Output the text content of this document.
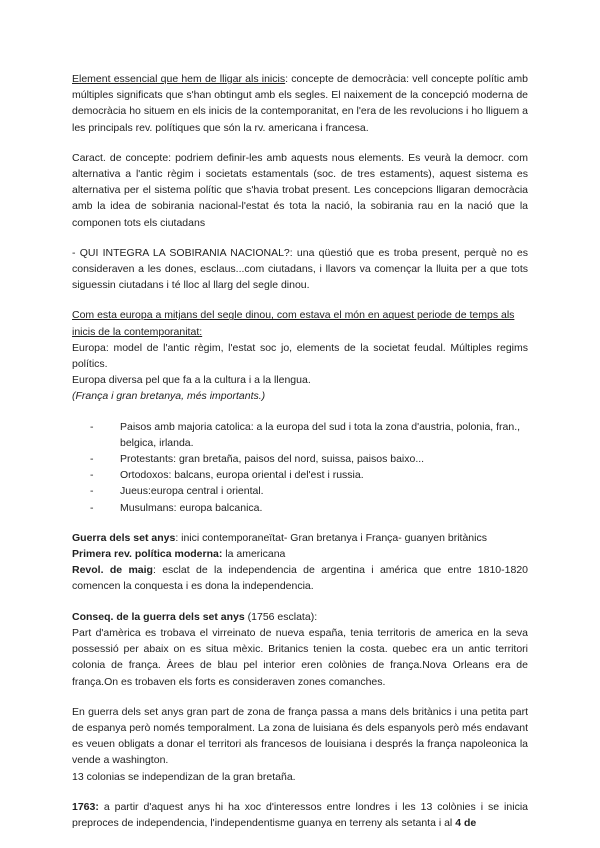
Element essencial que hem de lligar als inicis: concepte de democràcia: vell concepte polític amb múltiples significats que s'han obtingut amb els segles. El naixement de la concepció moderna de democràcia ho situem en els inicis de la contemporanitat, en l'era de les revolucions i ho lliguem a les principals rev. polítiques que són la rv. americana i francesa.

Caract. de concepte: podriem definir-les amb aquests nous elements. Es veurà la democr. com alternativa a l'antic règim i societats estamentals (soc. de tres estaments), aquest sistema es alternativa per el sistema polític que s'havia trobat present. Les concepcions lligaran democràcia amb la idea de sobirania nacional-l'estat és tota la nació, la sobirania rau en la nació que la componen tots els ciutadans

- QUI INTEGRA LA SOBIRANIA NACIONAL?: una qüestió que es troba present, perquè no es consideraven a les dones, esclaus...com ciutadans, i llavors va començar la lluita per a que tots siguessin ciutadans i té lloc al llarg del segle dinou.

Com esta europa a mitjans del segle dinou, com estava el món en aquest periode de temps als inicis de la contemporanitat:

Europa: model de l'antic règim, l'estat soc jo, elements de la societat feudal. Múltiples regims polítics.

Europa diversa pel que fa a la cultura i a la llengua.

(França i gran bretanya, més importants.)

- Paisos amb majoria catolica: a la europa del sud i tota la zona d'austria, polonia, fran., belgica, irlanda.
- Protestants: gran bretaña, paisos del nord, suissa, paisos baixo...
- Ortodoxos: balcans, europa oriental i del'est i russia.
- Jueus:europa central i oriental.
- Musulmans: europa balcanica.

Guerra dels set anys: inici contemporaneïtat- Gran bretanya i França- guanyen britànics

Primera rev. política moderna: la americana

Revol. de maig: esclat de la independencia de argentina i américa que entre 1810-1820 comencen la conquesta i es dona la independencia.

Conseq. de la guerra dels set anys (1756 esclata):

Part d'amèrica es trobava el virreinato de nueva españa, tenia territoris de america en la seva possessió per abaix on es situa mèxic. Britanics tenien la costa. quebec era un antic territori colonia de franҫa. Àrees de blau pel interior eren colònies de franҫa.Nova Orleans era de franҫa.On es trobaven els forts es consideraven zones comanches.

En guerra dels set anys gran part de zona de franҫa passa a mans dels britànics i una petita part de espanya però només temporalment. La zona de luisiana és dels espanyols però més endavant es veuen obligats a donar el territori als francesos de louisiana i després la franҫa napoleonica la vende a washington.

13 colonias se independizan de la gran bretaña.

1763: a partir d'aquest anys hi ha xoc d'interessos entre londres i les 13 colònies i se inicia preproces de independencia, l'independentisme guanya en terreny als setanta i al 4 de
